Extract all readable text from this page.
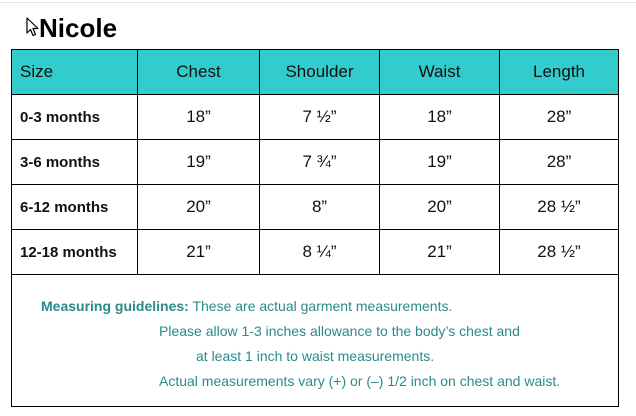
Nicole
Size	Chest	Shoulder	Waist	Length
0-3 months	18”	7 ½”	18”	28”
3-6 months	19”	7 ¾”	19”	28”
6-12 months	20”	8”	20”	28 ½”
12-18 months	21”	8 ¼”	21”	28 ½”

Measuring guidelines: These are actual garment measurements.
Please allow 1-3 inches allowance to the body’s chest and
at least 1 inch to waist measurements.
Actual measurements vary (+) or (–) 1/2 inch on chest and waist.				
